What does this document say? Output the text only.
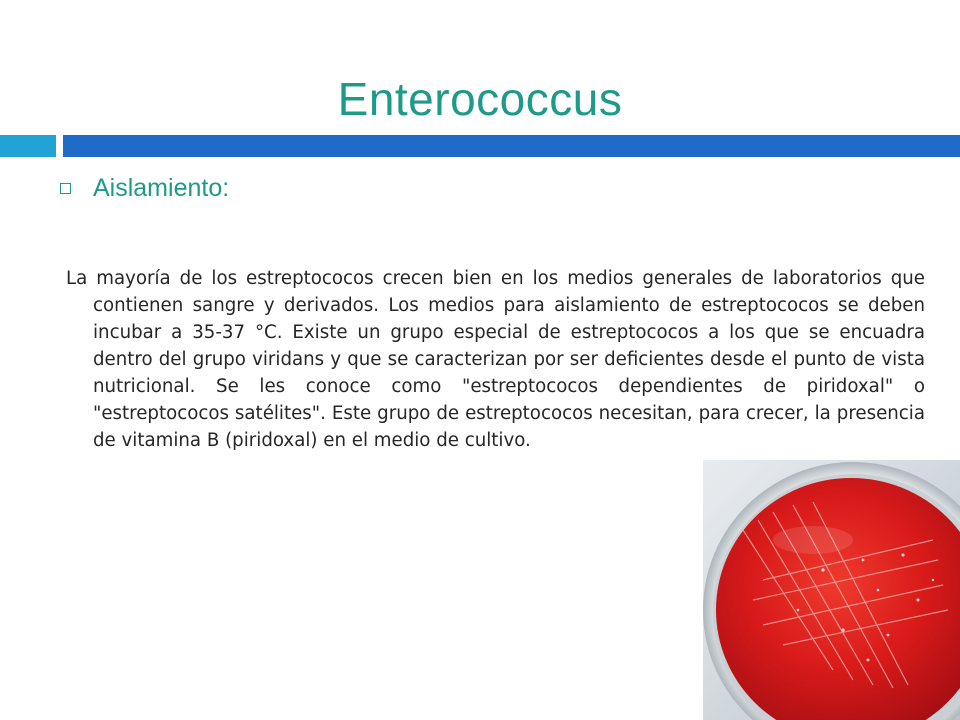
Enterococcus
Aislamiento:
La mayoría de los estreptococos crecen bien en los medios generales de laboratorios que contienen sangre y derivados. Los medios para aislamiento de estreptococos se deben incubar a 35-37 °C. Existe un grupo especial de estreptococos a los que se encuadra dentro del grupo viridans y que se caracterizan por ser deficientes desde el punto de vista nutricional. Se les conoce como "estreptococos dependientes de piridoxal" o "estreptococos satélites". Este grupo de estreptococos necesitan, para crecer, la presencia de vitamina B (piridoxal) en el medio de cultivo.
